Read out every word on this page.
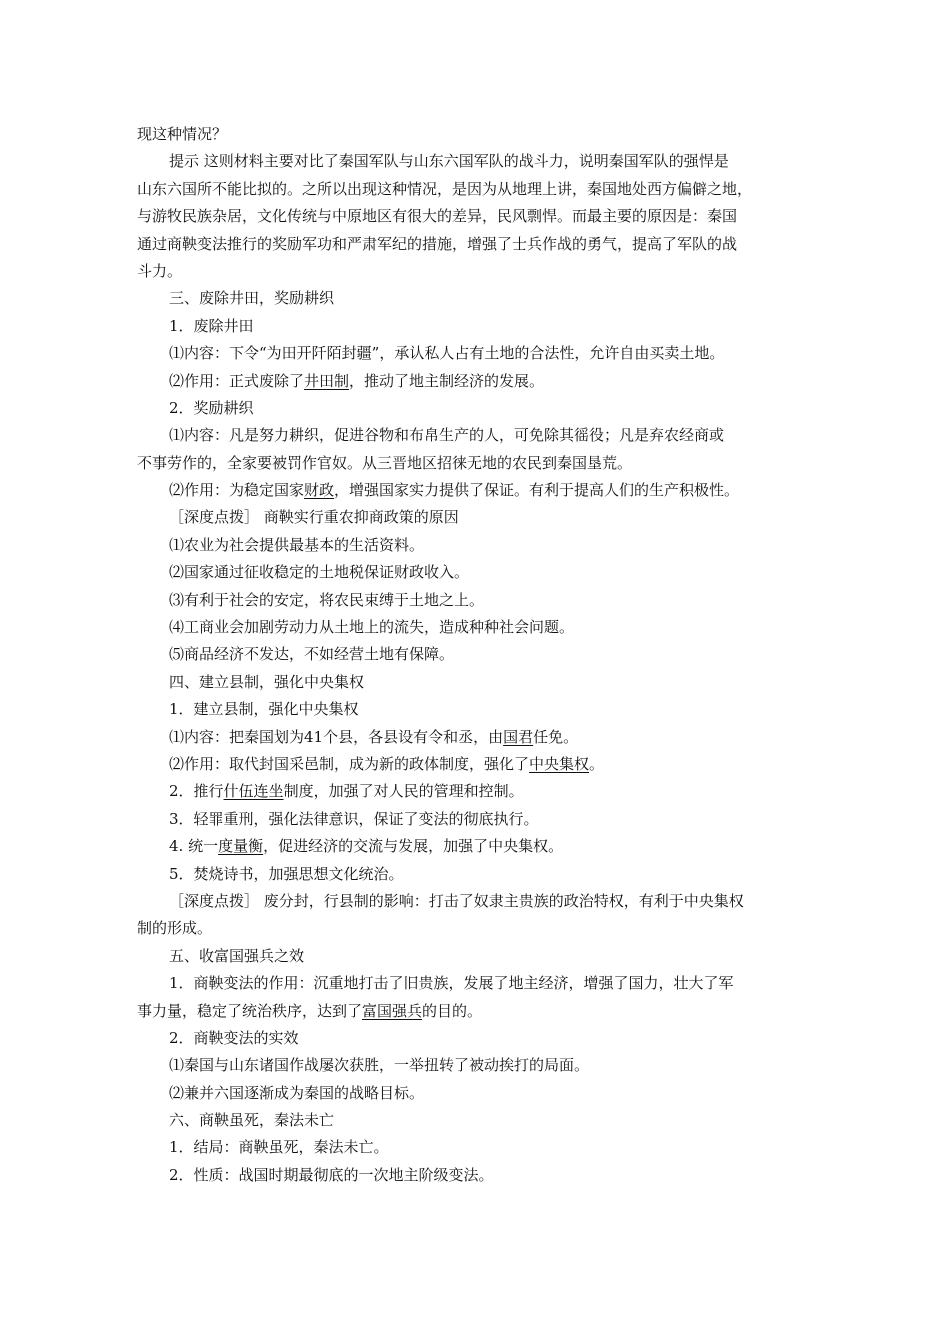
现这种情况？
提示 这则材料主要对比了秦国军队与山东六国军队的战斗力，说明秦国军队的强悍是
山东六国所不能比拟的。之所以出现这种情况，是因为从地理上讲，秦国地处西方偏僻之地，
与游牧民族杂居，文化传统与中原地区有很大的差异，民风剽悍。而最主要的原因是：秦国
通过商鞅变法推行的奖励军功和严肃军纪的措施，增强了士兵作战的勇气，提高了军队的战
斗力。
三、废除井田，奖励耕织
1．废除井田
⑴内容：下令“为田开阡陌封疆”，承认私人占有土地的合法性，允许自由买卖土地。
⑵作用：正式废除了井田制，推动了地主制经济的发展。
2．奖励耕织
⑴内容：凡是努力耕织，促进谷物和布帛生产的人，可免除其徭役；凡是弃农经商或
不事劳作的，全家要被罚作官奴。从三晋地区招徕无地的农民到秦国垦荒。
⑵作用：为稳定国家财政，增强国家实力提供了保证。有利于提高人们的生产积极性。
［深度点拨］ 商鞅实行重农抑商政策的原因
⑴农业为社会提供最基本的生活资料。
⑵国家通过征收稳定的土地税保证财政收入。
⑶有利于社会的安定，将农民束缚于土地之上。
⑷工商业会加剧劳动力从土地上的流失，造成种种社会问题。
⑸商品经济不发达，不如经营土地有保障。
四、建立县制，强化中央集权
1．建立县制，强化中央集权
⑴内容：把秦国划为41个县，各县设有令和丞，由国君任免。
⑵作用：取代封国采邑制，成为新的政体制度，强化了中央集权。
2．推行什伍连坐制度，加强了对人民的管理和控制。
3．轻罪重刑，强化法律意识，保证了变法的彻底执行。
4. 统一度量衡，促进经济的交流与发展，加强了中央集权。
5．焚烧诗书，加强思想文化统治。
［深度点拨］ 废分封，行县制的影响：打击了奴隶主贵族的政治特权，有利于中央集权
制的形成。
五、收富国强兵之效
1．商鞅变法的作用：沉重地打击了旧贵族，发展了地主经济，增强了国力，壮大了军
事力量，稳定了统治秩序，达到了富国强兵的目的。
2．商鞅变法的实效
⑴秦国与山东诸国作战屡次获胜，一举扭转了被动挨打的局面。
⑵兼并六国逐渐成为秦国的战略目标。
六、商鞅虽死，秦法未亡
1．结局：商鞅虽死，秦法未亡。
2．性质：战国时期最彻底的一次地主阶级变法。
